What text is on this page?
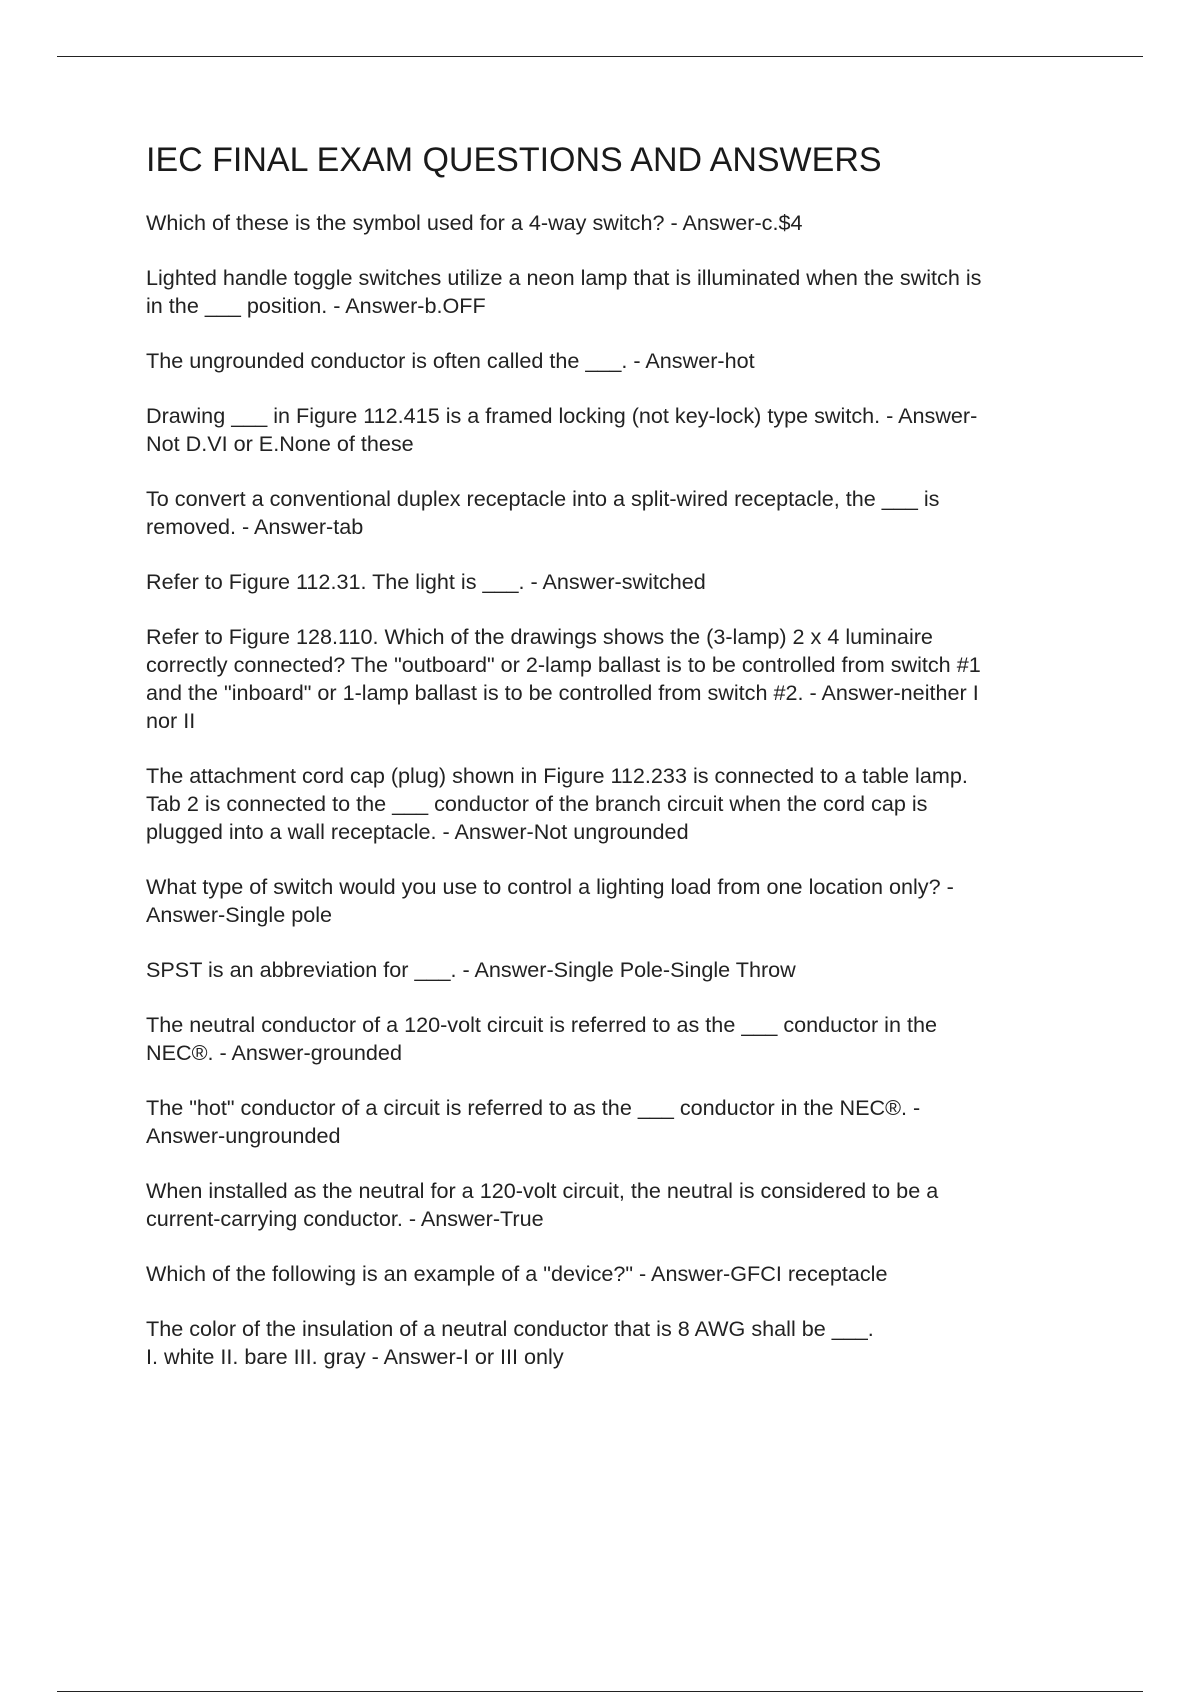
IEC FINAL EXAM QUESTIONS AND ANSWERS
Which of these is the symbol used for a 4-way switch? - Answer-c.$4
Lighted handle toggle switches utilize a neon lamp that is illuminated when the switch is
in the ___ position. - Answer-b.OFF
The ungrounded conductor is often called the ___. - Answer-hot
Drawing ___ in Figure 112.415 is a framed locking (not key-lock) type switch. - Answer-
Not D.VI or E.None of these
To convert a conventional duplex receptacle into a split-wired receptacle, the ___ is
removed. - Answer-tab
Refer to Figure 112.31. The light is ___. - Answer-switched
Refer to Figure 128.110. Which of the drawings shows the (3-lamp) 2 x 4 luminaire
correctly connected? The "outboard" or 2-lamp ballast is to be controlled from switch #1
and the "inboard" or 1-lamp ballast is to be controlled from switch #2. - Answer-neither I
nor II
The attachment cord cap (plug) shown in Figure 112.233 is connected to a table lamp.
Tab 2 is connected to the ___ conductor of the branch circuit when the cord cap is
plugged into a wall receptacle. - Answer-Not ungrounded
What type of switch would you use to control a lighting load from one location only? -
Answer-Single pole
SPST is an abbreviation for ___. - Answer-Single Pole-Single Throw
The neutral conductor of a 120-volt circuit is referred to as the ___ conductor in the
NEC®. - Answer-grounded
The "hot" conductor of a circuit is referred to as the ___ conductor in the NEC®. -
Answer-ungrounded
When installed as the neutral for a 120-volt circuit, the neutral is considered to be a
current-carrying conductor. - Answer-True
Which of the following is an example of a "device?" - Answer-GFCI receptacle
The color of the insulation of a neutral conductor that is 8 AWG shall be ___.
I. white II. bare III. gray - Answer-I or III only
